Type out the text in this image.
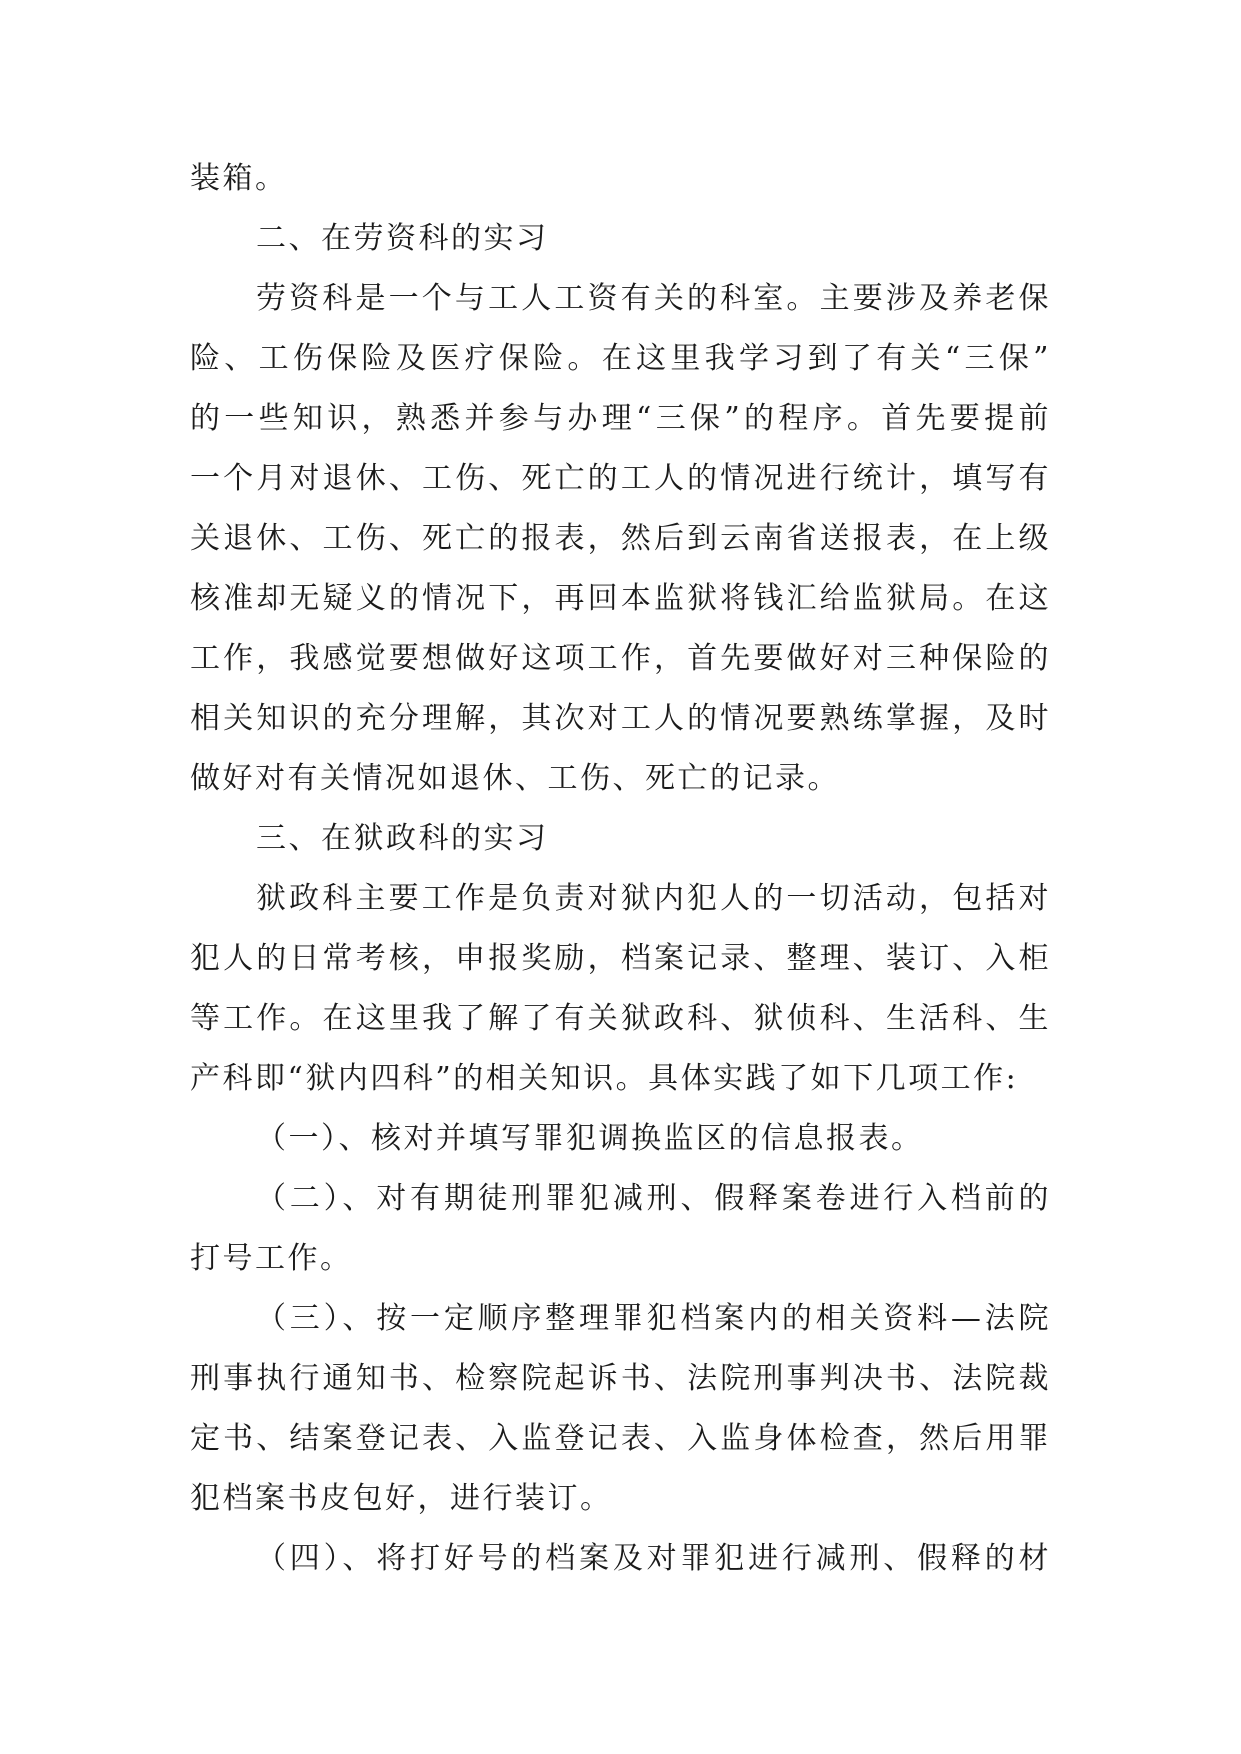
装箱。
二、在劳资科的实习
劳资科是一个与工人工资有关的科室。主要涉及养老保
险、工伤保险及医疗保险。在这里我学习到了有关“三保”
的一些知识，熟悉并参与办理“三保”的程序。首先要提前
一个月对退休、工伤、死亡的工人的情况进行统计，填写有
关退休、工伤、死亡的报表，然后到云南省送报表，在上级
核准却无疑义的情况下，再回本监狱将钱汇给监狱局。在这
工作，我感觉要想做好这项工作，首先要做好对三种保险的
相关知识的充分理解，其次对工人的情况要熟练掌握，及时
做好对有关情况如退休、工伤、死亡的记录。
三、在狱政科的实习
狱政科主要工作是负责对狱内犯人的一切活动，包括对
犯人的日常考核，申报奖励，档案记录、整理、装订、入柜
等工作。在这里我了解了有关狱政科、狱侦科、生活科、生
产科即“狱内四科”的相关知识。具体实践了如下几项工作:
（一）、核对并填写罪犯调换监区的信息报表。
（二）、对有期徒刑罪犯减刑、假释案卷进行入档前的
打号工作。
（三）、按一定顺序整理罪犯档案内的相关资料—法院
刑事执行通知书、检察院起诉书、法院刑事判决书、法院裁
定书、结案登记表、入监登记表、入监身体检查，然后用罪
犯档案书皮包好，进行装订。
（四）、将打好号的档案及对罪犯进行减刑、假释的材
